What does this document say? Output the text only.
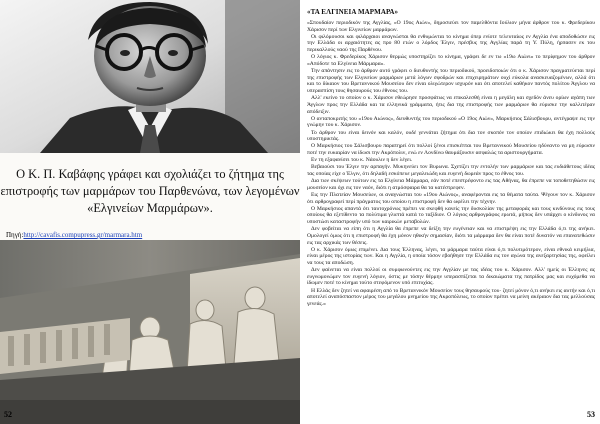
Ο Κ. Π. Καβάφης γράφει και σχολιάζει το ζήτημα της επιστροφής των μαρμάρων του Παρθενώνα, των λεγομένων «Ελγινείων Μαρμάρων».
Πηγή:http://cavafis.compupress.gr/marmara.htm
52
«ΤΑ ΕΛΓΙΝΕΙΑ ΜΑΡΜΑΡΑ»

«Σπουδαίον περιοδικόν της Αγγλίας, «Ο 19ος Αιών», δημοσιεύει τον παρελθόντα Ιούλιον μήνα άρθρον του κ. Φρεδερίκου Χάρισον περί των Ελγινείων μαρμάρων.

Οι φιλόμουσοι και φιλάρχαιοι αναγνώσται θα ενθυμώνται το κίνημα όπερ ενίοτε τελευταίως εν Αγγλία ένα αποδοθώσιν εις την Ελλάδα οι αρχαιότητες ας προ 80 ετών ο λόρδος Έλγιν, πρέσβυς της Αγγλίας παρά τη Υ. Πύλη, ήρπασεν εκ του περικαλλούς ναού της Παρθένου.

Ο λόγιος κ. Φρεδερίκος Χάρισον θερμώς υποστηρίζει το κίνημα, γράφει δε εν τω «19ω Αιώνι» το περίφημον του άρθρον «Απόδοτε τα Ελγίνεια Μάρμαρα».

Την απάντησιν εις το άρθρον αυτό γράφει ο διευθυντής του περιοδικού, προειδοποιών ότι ο κ. Χάρισον πραγματεύεται περί της επιστροφής των Ελγινείων μαρμάρων μετά λόγων σφοδρών και επιχειρημάτων ουχί εύκολα ανασκευαζομένων, αλλά ότι και το δίκαιον του Βρεταννικού Μουσείου δεν είναι ολιγώτερον ισχυρόν και ότι αποτελεί καθήκον παντός πολίτου Άγγλου να υπερασπίση τους θησαυρούς του έθνους του.

Αλλ' εκείνο το οποίον ο κ. Χάρισον εθεώρησε προσφάτως να επικαλεσθή είναι η μεγάλη και σχεδόν άνευ ορίων αγάπη των Άγγλων προς την Ελλάδα και τα ελληνικά γράμματα, ήτις δια της επιστροφής των μαρμάρων θα εύρισκε την καλλιτέραν απόδειξιν.

Ο ανταποκριτής του «19ου Αιώνος», διευθυντής του περιοδικού «Ο 19ος Αιών», Μαρκήσιος Σάλισβουρυ, αντέγραψε εις την γνώμην του κ. Χάρισον.

Το άρθρον του είναι δεινόν και καλόν, ουδέ γεννάται ζήτημα ότι δια τον σκοπόν τον οποίον επιδιώκει θα έχη πολλούς υποστηρικτάς.

Ο Μαρκήσιος του Σάλισβουρυ παρατηρεί ότι πολλοί ξένοι επισκέπται του Βρεταννικού Μουσείου ηδύναντο να μη εύρωσιν ποτέ την ευκαιρίαν να ίδωσι την Ακρόπολιν, ενώ εν Λονδίνω θαυμάζουσιν ασφαλώς τα αριστουργήματα.

Εν τη εξαφανίσει του κ. Νάουλιν η δεν λέγει.

Βεβαιούσι του Έλγιν την αρπαγήν. Μυκηνεύει τον Βυρωνα. Σχετίζει την εντολήν των μαρμάρων και τας ευδιάθετους ιδέας τας οποίας είχε ο Έλγιν, ότι δηλαδή εσκόπευε μεγαλειώδη και ευγενή δωρεάν προς το έθνος του.

Δια των σκέψεων τούτων εις τα Ελγίνεια Μάρμαρα, εάν ποτέ επεστρέφοντο εις τας Αθήνας, θα έπρεπε να τοποθετηθώσιν εις μουσείον και όχι εις τον ναόν, διότι η ατμόσφαιρα θα τα κατέστρεφεν.

Εις την Πλατείαν Μουσείων, οι αναγνώσται του «19ου Αιώνος», αναφέρονται εις τα θέματα ταύτα. Ψέγουν τον κ. Χάρισον ότι αρθρογραφεί περί πράγματος του οποίου η επιστροφή δεν θα ωφέλει την τέχνην.

Ο Μαρκήσιος απαντά ότι ταυτοχρόνως πρέπει να σκεφθή κανείς την δυσκολίαν της μεταφοράς και τους κινδύνους εις τους οποίους θα εξετίθεντο τα πολύτιμα γλυπτά κατά το ταξίδιον. Ο λόγιος αρθρογράφος ερωτά, μήπως δεν υπάρχει ο κίνδυνος να υποστώσι καταστροφήν υπό των καιρικών μεταβολών.

Δεν φοβείται να είπη ότι η Αγγλία θα έπρεπε να δείξη την ευγένειαν και να επιστρέψη εις την Ελλάδα ό,τι της ανήκει. Ομολογεί όμως ότι η επιστροφή θα έχη μόνον ηθικήν σημασίαν, διότι τα μάρμαρα δεν θα είναι ποτέ δυνατόν να επανατεθώσιν εις τας αρχικάς των θέσεις.

Ο κ. Χάρισον όμως επιμένει. Δια τους Έλληνας, λέγει, τα μάρμαρα ταύτα είναι ό,τι πολυτιμότερον, είναι εθνικά κειμήλια, είναι μέρος της ιστορίας των. Και η Αγγλία, η οποία τόσον εβοήθησε την Ελλάδα εις τον αγώνα της ανεξαρτησίας της, οφείλει να τους τα αποδώση.

Δεν φαίνεται να είναι πολλοί οι συμφωνούντες εις την Αγγλίαν με τας ιδέας του κ. Χάρισον. Αλλ' ημείς οι Έλληνες ας ευγνωμονώμεν τον ευγενή λόγιον, όστις με τόσην θέρμην υπερασπίζεται τα δικαιώματα της πατρίδος μας και ευχόμεθα να ίδωμεν ποτέ το κίνημα τούτο στεφόμενον υπό επιτυχίας.

Η Ελλάς δεν ζητεί να αφαιρέση από το Βρεταννικόν Μουσείον τους θησαυρούς του· ζητεί μόνον ό,τι ανήκει εις αυτήν και ό,τι αποτελεί αναπόσπαστον μέρος του μεγάλου μνημείου της Ακροπόλεως, το οποίον πρέπει να μείνη ακέραιον δια τας μελλούσας γενεάς.»

53
